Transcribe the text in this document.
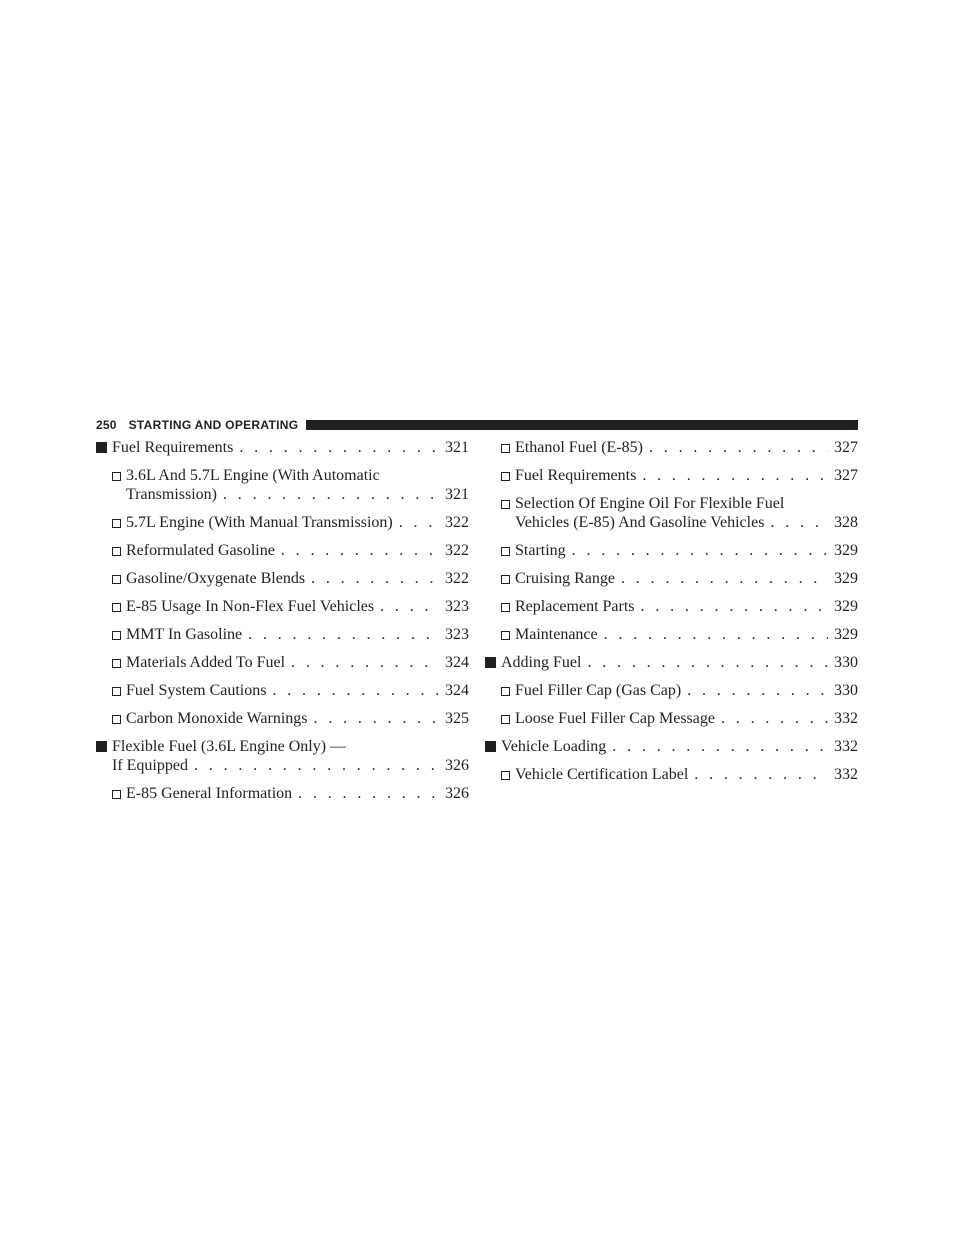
250 STARTING AND OPERATING
Fuel Requirements . . .	321
3.6L And 5.7L Engine (With Automatic
Transmission) . . .	321
5.7L Engine (With Manual Transmission) . . .	322
Reformulated Gasoline . . .	322
Gasoline/Oxygenate Blends . . .	322
E-85 Usage In Non-Flex Fuel Vehicles . . .	323
MMT In Gasoline . . .	323
Materials Added To Fuel . . .	324
Fuel System Cautions . . .	324
Carbon Monoxide Warnings . . .	325
Flexible Fuel (3.6L Engine Only) —
If Equipped . . .	326
E-85 General Information . . .	326
Ethanol Fuel (E-85) . . .	327
Fuel Requirements . . .	327
Selection Of Engine Oil For Flexible Fuel
Vehicles (E-85) And Gasoline Vehicles . . .	328
Starting . . .	329
Cruising Range . . .	329
Replacement Parts . . .	329
Maintenance . . .	329
Adding Fuel . . .	330
Fuel Filler Cap (Gas Cap) . . .	330
Loose Fuel Filler Cap Message . . .	332
Vehicle Loading . . .	332
Vehicle Certification Label . . .	332
